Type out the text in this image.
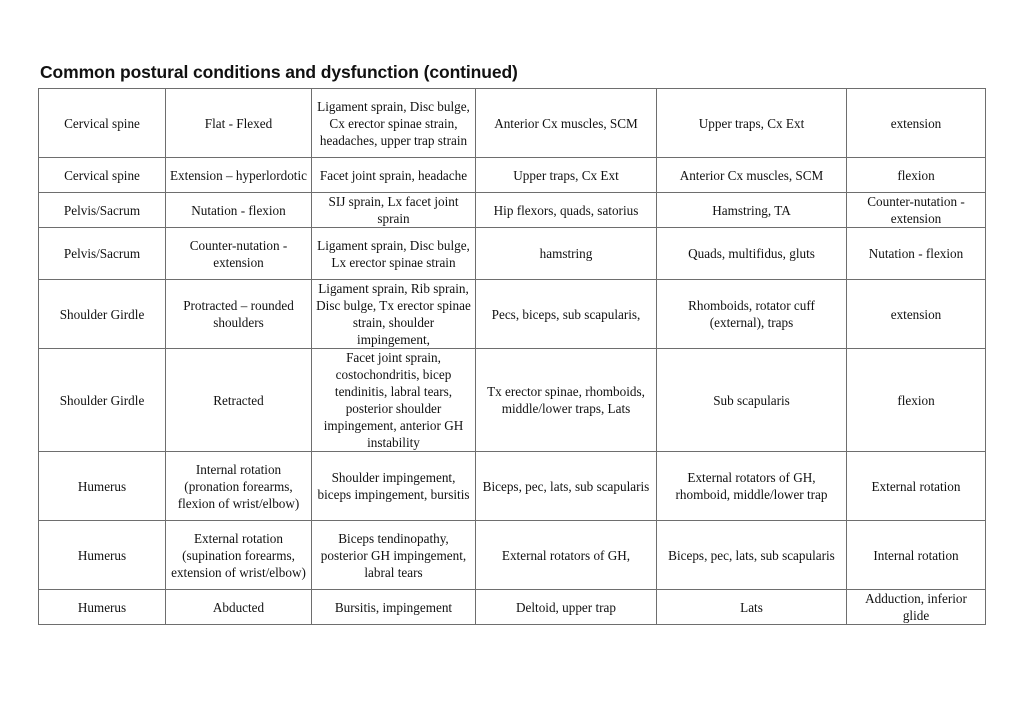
Common postural conditions and dysfunction (continued)
Cervical spine	Flat - Flexed	Ligament sprain, Disc bulge, Cx erector spinae strain, headaches, upper trap strain	Anterior Cx muscles, SCM	Upper traps, Cx Ext	extension
Cervical spine	Extension – hyperlordotic	Facet joint sprain, headache	Upper traps, Cx Ext	Anterior Cx muscles, SCM	flexion
Pelvis/Sacrum	Nutation - flexion	SIJ sprain, Lx facet joint sprain	Hip flexors, quads, satorius	Hamstring, TA	Counter-nutation - extension
Pelvis/Sacrum	Counter-nutation - extension	Ligament sprain, Disc bulge, Lx erector spinae strain	hamstring	Quads, multifidus, gluts	Nutation - flexion
Shoulder Girdle	Protracted – rounded shoulders	Ligament sprain, Rib sprain, Disc bulge, Tx erector spinae strain, shoulder impingement,	Pecs, biceps, sub scapularis,	Rhomboids, rotator cuff (external), traps	extension
Shoulder Girdle	Retracted	Facet joint sprain, costochondritis, bicep tendinitis, labral tears, posterior shoulder impingement, anterior GH instability	Tx erector spinae, rhomboids, middle/lower traps, Lats	Sub scapularis	flexion
Humerus	Internal rotation (pronation forearms, flexion of wrist/elbow)	Shoulder impingement, biceps impingement, bursitis	Biceps, pec, lats, sub scapularis	External rotators of GH, rhomboid, middle/lower trap	External rotation
Humerus	External rotation (supination forearms, extension of wrist/elbow)	Biceps tendinopathy, posterior GH impingement, labral tears	External rotators of GH,	Biceps, pec, lats, sub scapularis	Internal rotation
Humerus	Abducted	Bursitis, impingement	Deltoid, upper trap	Lats	Adduction, inferior glide
